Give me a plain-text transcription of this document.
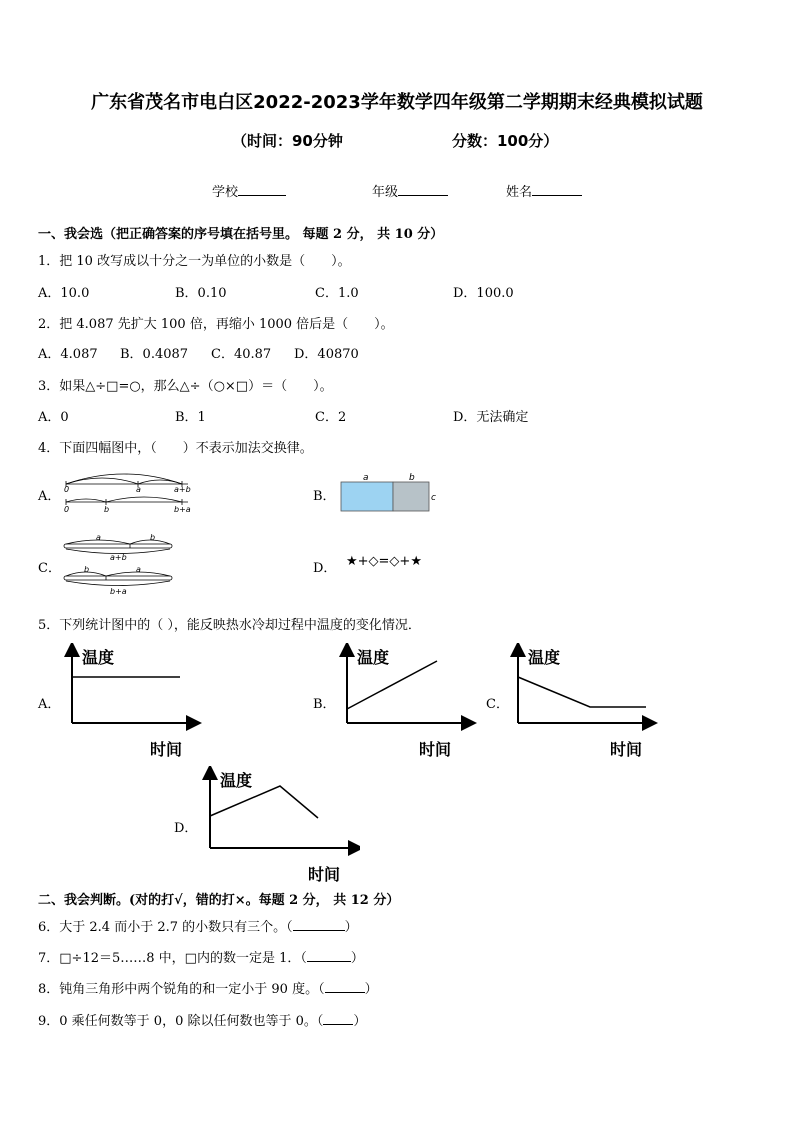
广东省茂名市电白区2022-2023学年数学四年级第二学期期末经典模拟试题
（时间：90分钟	分数：100分）
学校	年级	姓名
一、我会选（把正确答案的序号填在括号里。 每题 2 分， 共 10 分）
1．把 10 改写成以十分之一为单位的小数是（　　）。
A．10.0	B．0.10	C．1.0	D．100.0
2．把 4.087 先扩大 100 倍，再缩小 1000 倍后是（　　）。
A．4.087 B．0.4087 C．40.87 D．40870
3．如果△÷□=○，那么△÷（○×□）＝（　　）。
A．0	B．1	C．2	D．无法确定
4．下面四幅图中，（　　）不表示加法交换律。
A．	B．
C．	D．
0	a	a+b
0	b	b+a
a	b
c
a	b
a+b
b	a
b+a
★+◇=◇+★
5．下列统计图中的（ ），能反映热水冷却过程中温度的变化情况．
A．	B．	C．
D．
温度
时间
温度
时间
温度
时间
温度
时间
二、我会判断。(对的打√，错的打×。每题 2 分， 共 12 分）
6．大于 2.4 而小于 2.7 的小数只有三个。（	）
7．□÷12＝5……8 中，□内的数一定是 1．（	）
8．钝角三角形中两个锐角的和一定小于 90 度。（	）
9．0 乘任何数等于 0，0 除以任何数也等于 0。（ ）
